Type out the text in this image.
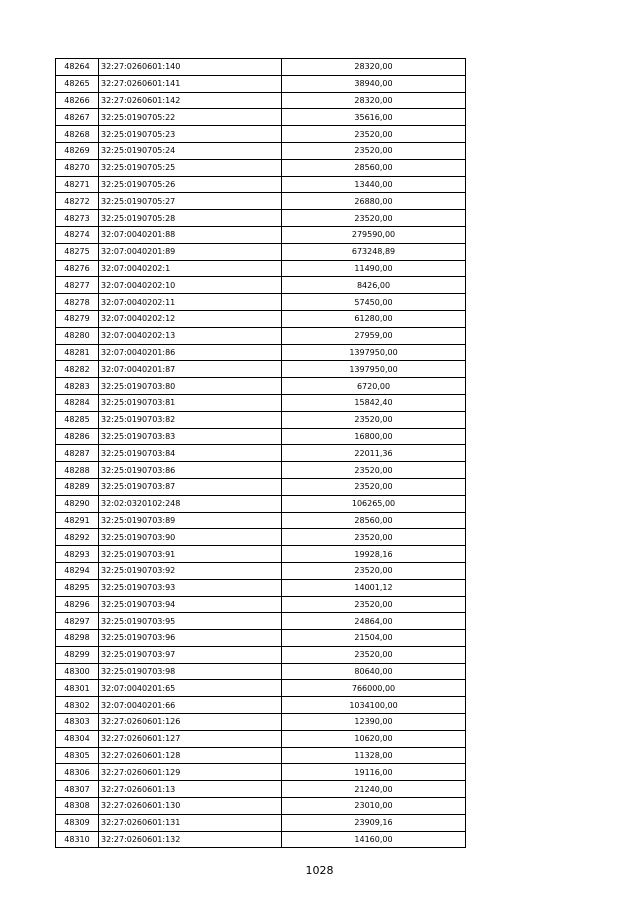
48264	32:27:0260601:140	28320,00
48265	32:27:0260601:141	38940,00
48266	32:27:0260601:142	28320,00
48267	32:25:0190705:22	35616,00
48268	32:25:0190705:23	23520,00
48269	32:25:0190705:24	23520,00
48270	32:25:0190705:25	28560,00
48271	32:25:0190705:26	13440,00
48272	32:25:0190705:27	26880,00
48273	32:25:0190705:28	23520,00
48274	32:07:0040201:88	279590,00
48275	32:07:0040201:89	673248,89
48276	32:07:0040202:1	11490,00
48277	32:07:0040202:10	8426,00
48278	32:07:0040202:11	57450,00
48279	32:07:0040202:12	61280,00
48280	32:07:0040202:13	27959,00
48281	32:07:0040201:86	1397950,00
48282	32:07:0040201:87	1397950,00
48283	32:25:0190703:80	6720,00
48284	32:25:0190703:81	15842,40
48285	32:25:0190703:82	23520,00
48286	32:25:0190703:83	16800,00
48287	32:25:0190703:84	22011,36
48288	32:25:0190703:86	23520,00
48289	32:25:0190703:87	23520,00
48290	32:02:0320102:248	106265,00
48291	32:25:0190703:89	28560,00
48292	32:25:0190703:90	23520,00
48293	32:25:0190703:91	19928,16
48294	32:25:0190703:92	23520,00
48295	32:25:0190703:93	14001,12
48296	32:25:0190703:94	23520,00
48297	32:25:0190703:95	24864,00
48298	32:25:0190703:96	21504,00
48299	32:25:0190703:97	23520,00
48300	32:25:0190703:98	80640,00
48301	32:07:0040201:65	766000,00
48302	32:07:0040201:66	1034100,00
48303	32:27:0260601:126	12390,00
48304	32:27:0260601:127	10620,00
48305	32:27:0260601:128	11328,00
48306	32:27:0260601:129	19116,00
48307	32:27:0260601:13	21240,00
48308	32:27:0260601:130	23010,00
48309	32:27:0260601:131	23909,16
48310	32:27:0260601:132	14160,00
1028
